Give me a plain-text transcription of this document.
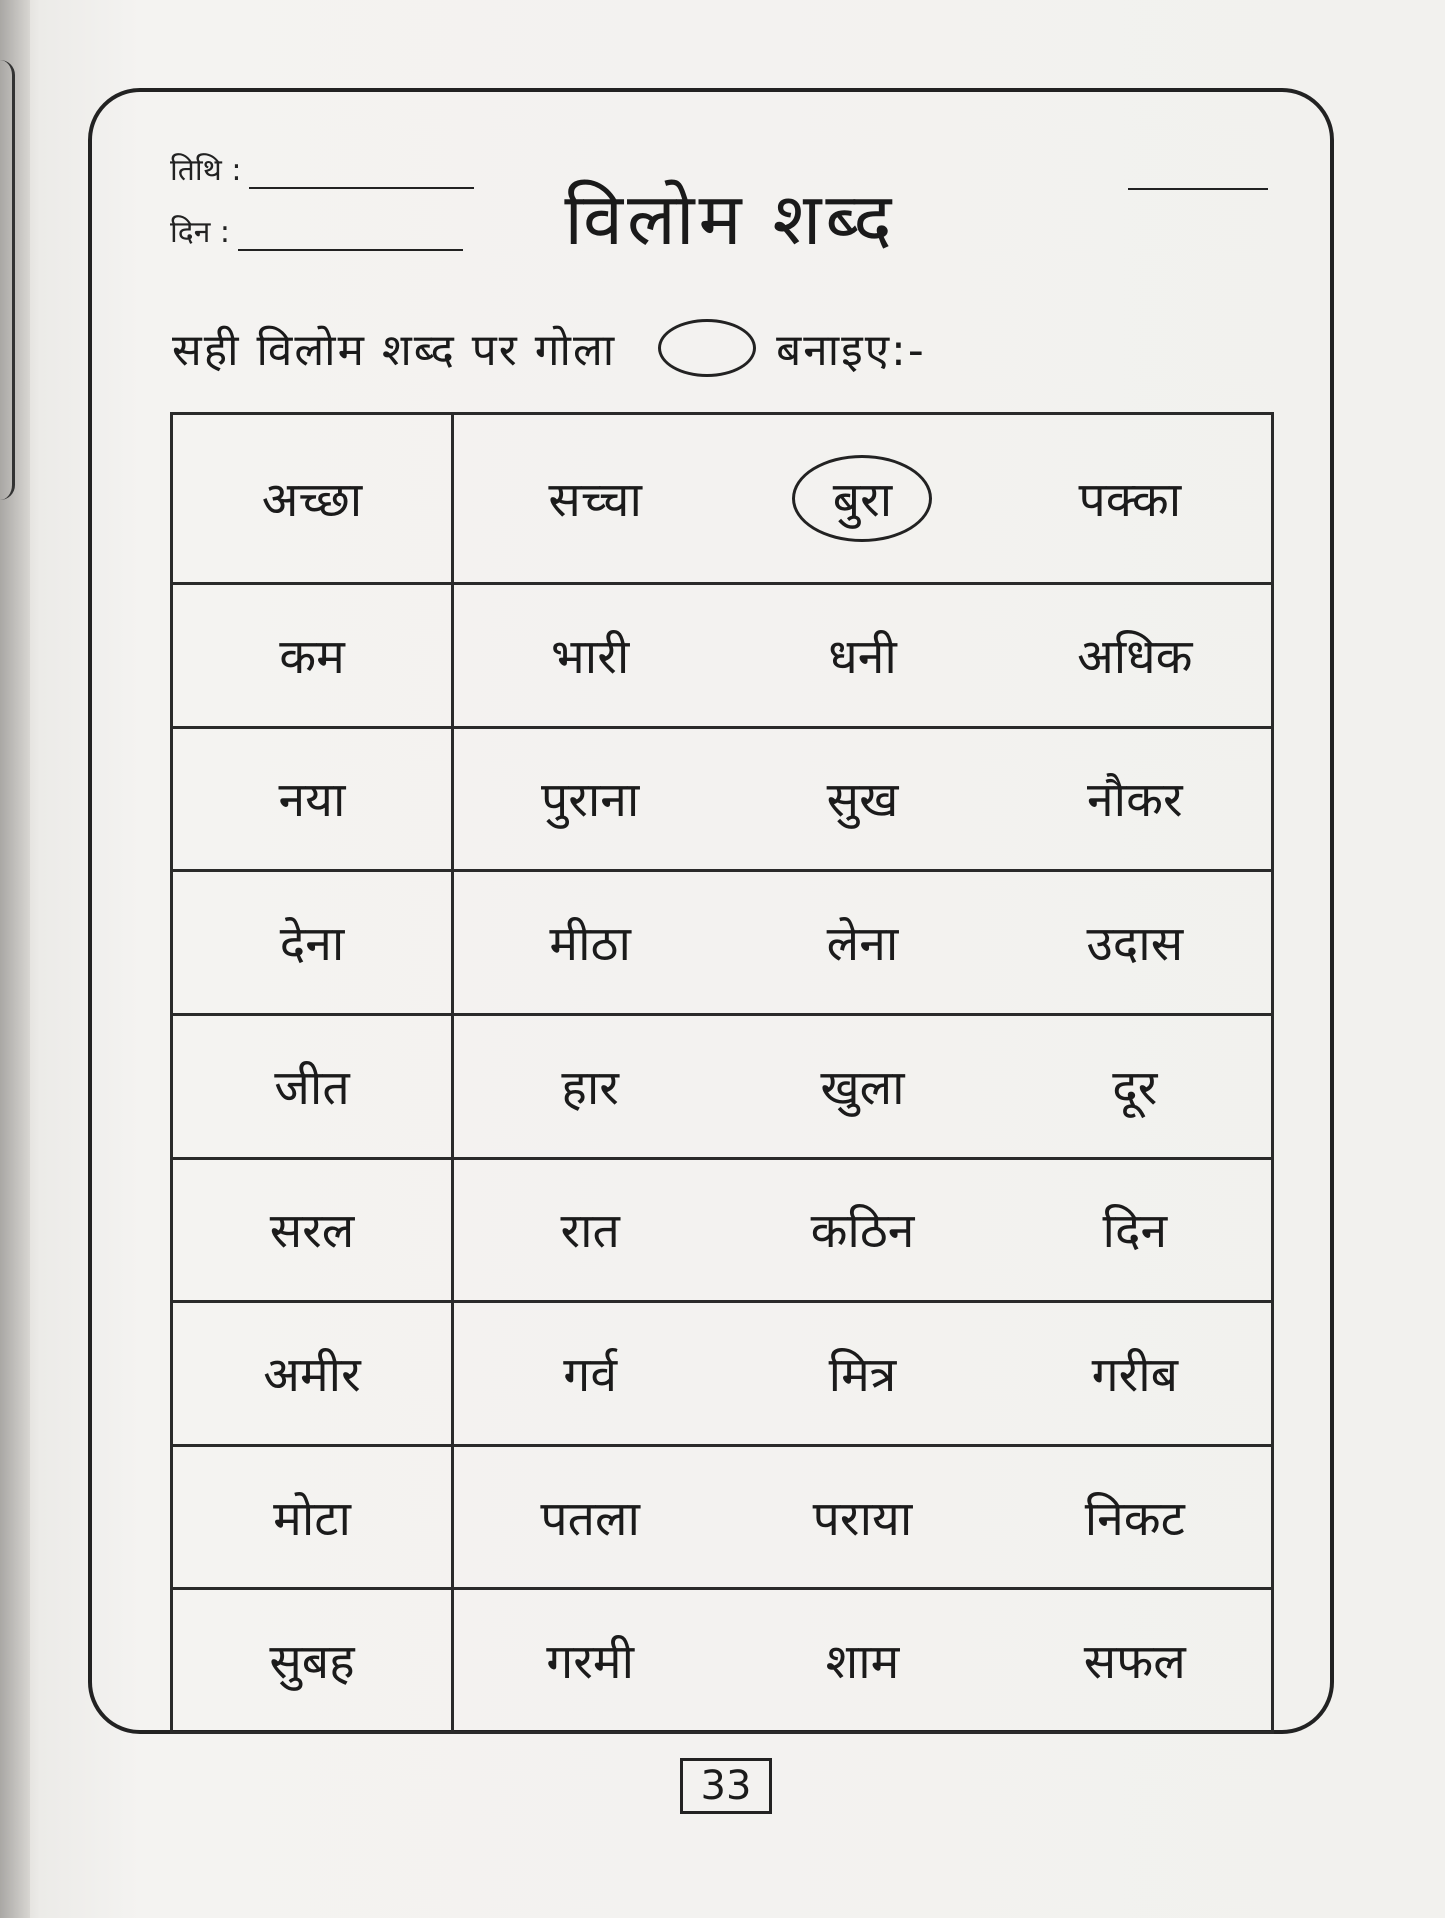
तिथि :
दिन :	विलोम शब्द
सही विलोम शब्द पर गोला	बनाइए:-
अच्छा	सच्चा बुरा पक्का

कम	भारी धनी अधिक

नया	पुराना सुख नौकर

देना	मीठा लेना उदास

जीत	हार खुला दूर

सरल	रात कठिन दिन

अमीर	गर्व मित्र गरीब

मोटा	पतला पराया निकट

सुबह	गरमी शाम सफल
33
